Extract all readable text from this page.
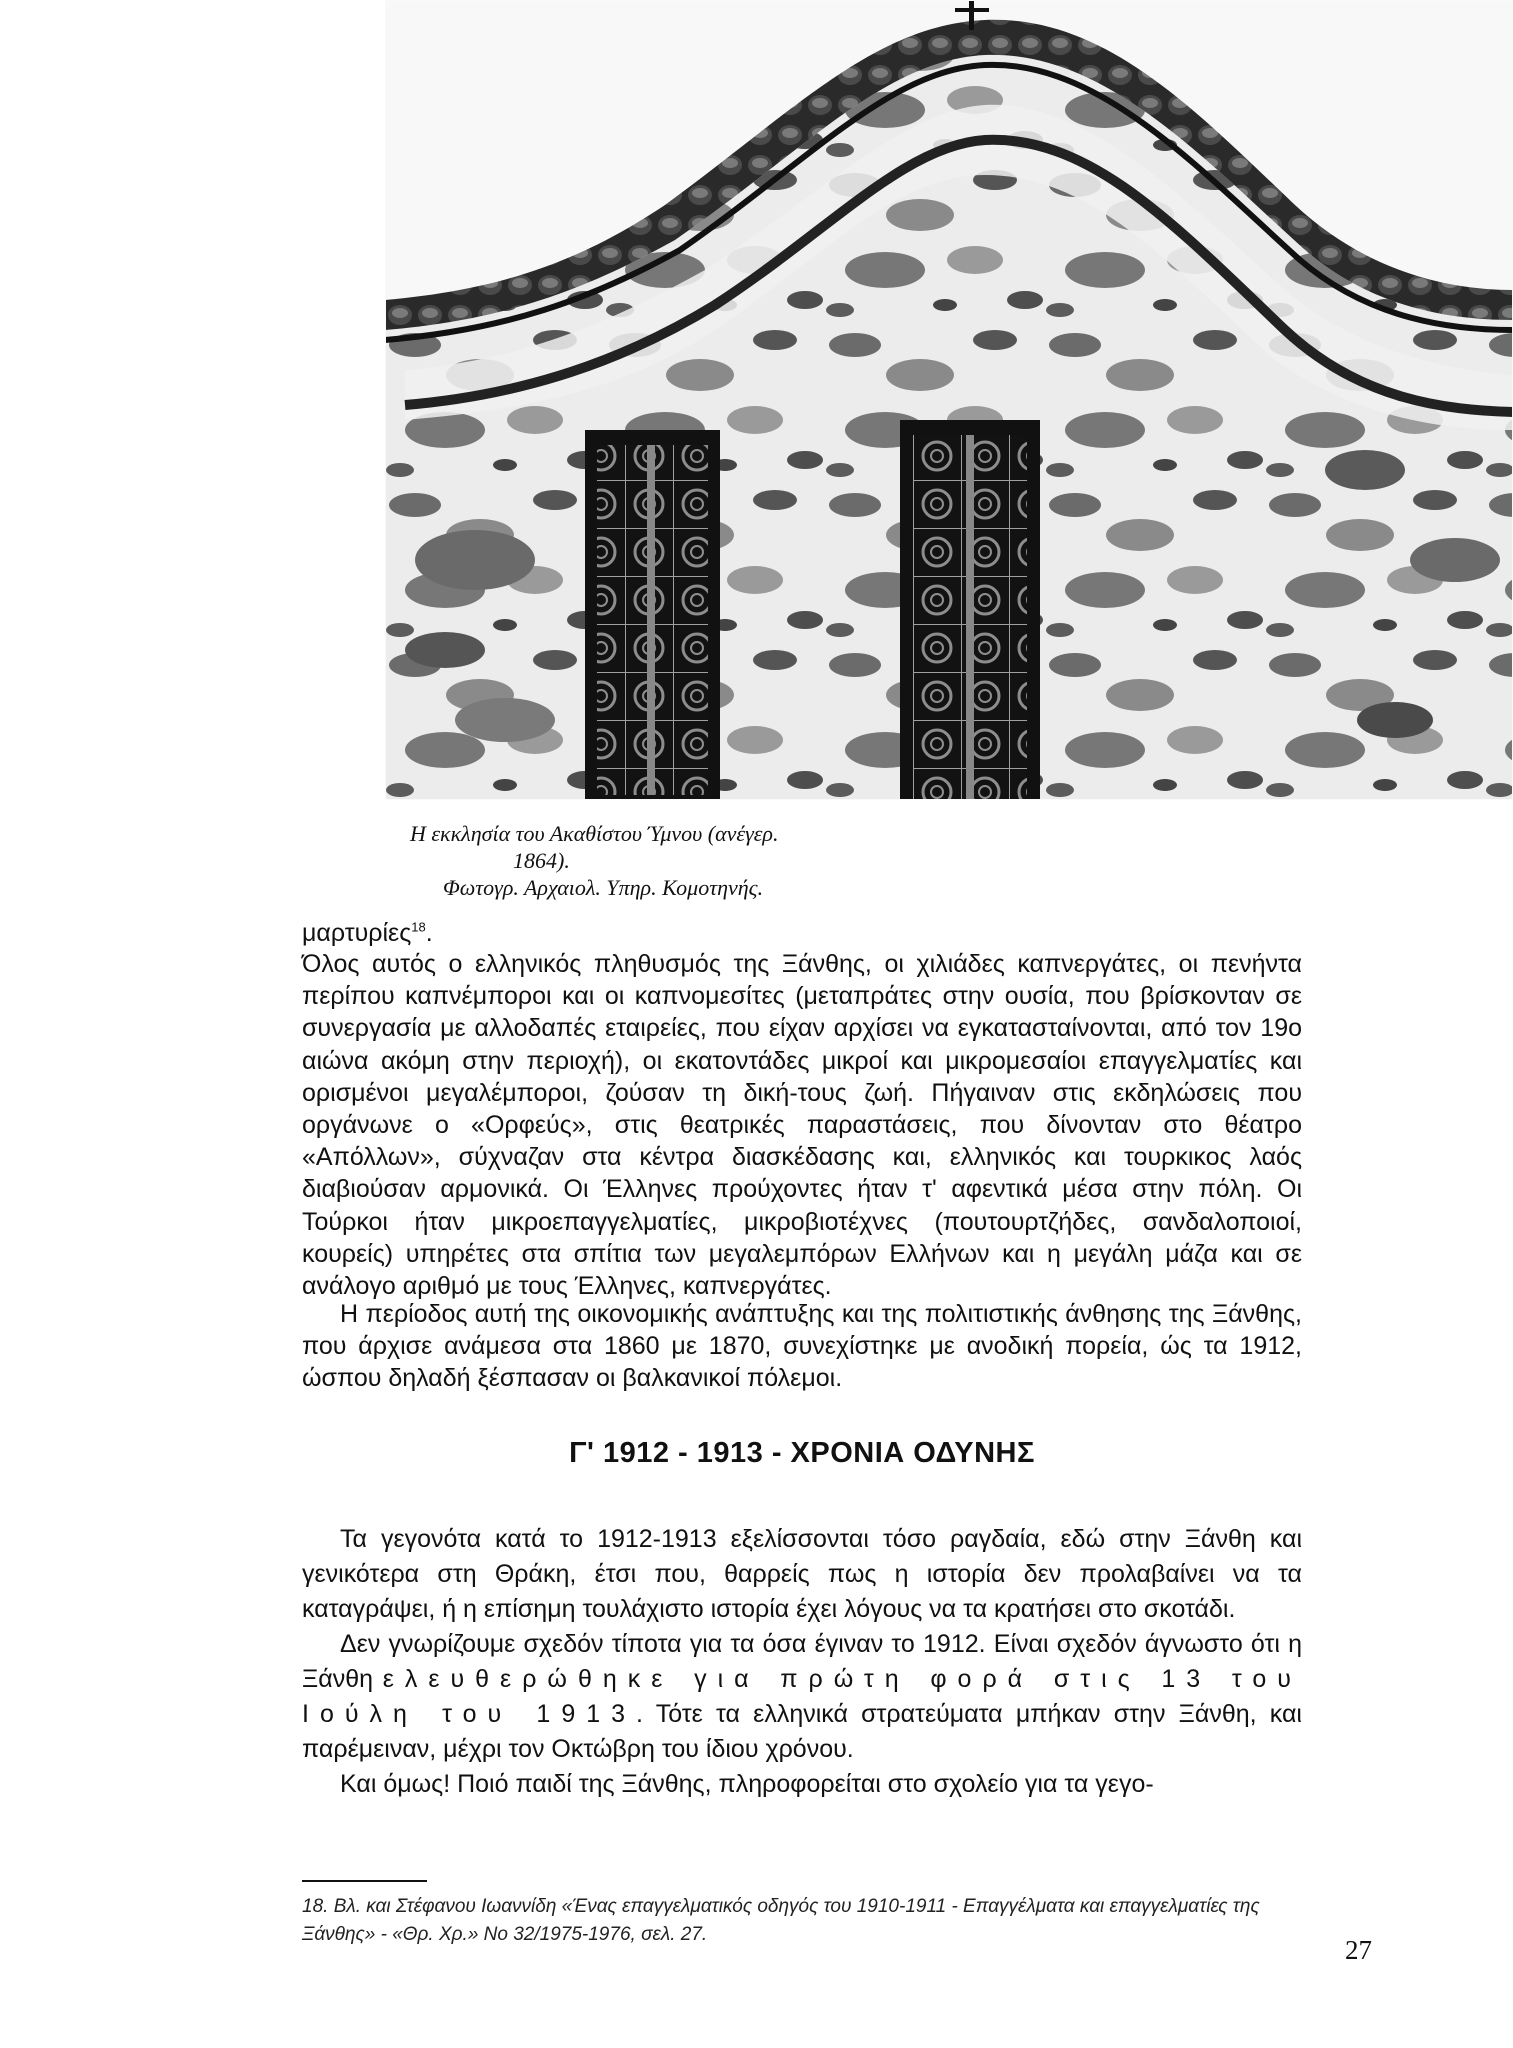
Η εκκλησία του Ακαθίστου Ύμνου (ανέγερ.
1864).
Φωτογρ. Αρχαιολ. Υπηρ. Κομοτηνής.

μαρτυρίες$^{18}$.

Όλος αυτός ο ελληνικός πληθυσμός της Ξάνθης, οι χιλιάδες καπνεργάτες, οι πενήντα περίπου καπνέμποροι και οι καπνομεσίτες (μεταπράτες στην ουσία, που βρίσκονταν σε συνεργασία με αλλοδαπές εταιρείες, που είχαν αρχίσει να εγκατασταίνονται, από τον 19ο αιώνα ακόμη στην περιοχή), οι εκατοντάδες μικροί και μικρομεσαίοι επαγγελματίες και ορισμένοι μεγαλέμποροι, ζούσαν τη δική-τους ζωή. Πήγαιναν στις εκδηλώσεις που οργάνωνε ο «Ορφεύς», στις θεατρικές παραστάσεις, που δίνονταν στο θέατρο «Απόλλων», σύχναζαν στα κέντρα διασκέδασης και, ελληνικός και τουρκικος λαός διαβιούσαν αρμονικά. Οι Έλληνες προύχοντες ήταν τ' αφεντικά μέσα στην πόλη. Οι Τούρκοι ήταν μικροεπαγγελματίες, μικροβιοτέχνες (πουτουρτζήδες, σανδαλοποιοί, κουρείς) υπηρέτες στα σπίτια των μεγαλεμπόρων Ελλήνων και η μεγάλη μάζα και σε ανάλογο αριθμό με τους Έλληνες, καπνεργάτες.

Η περίοδος αυτή της οικονομικής ανάπτυξης και της πολιτιστικής άνθησης της Ξάνθης, που άρχισε ανάμεσα στα 1860 με 1870, συνεχίστηκε με ανοδική πορεία, ώς τα 1912, ώσπου δηλαδή ξέσπασαν οι βαλκανικοί πόλεμοι.

Γ' 1912 - 1913 - ΧΡΟΝΙΑ ΟΔΥΝΗΣ

Τα γεγονότα κατά το 1912-1913 εξελίσσονται τόσο ραγδαία, εδώ στην Ξάνθη και γενικότερα στη Θράκη, έτσι που, θαρρείς πως η ιστορία δεν προλαβαίνει να τα καταγράψει, ή η επίσημη τουλάχιστο ιστορία έχει λόγους να τα κρατήσει στο σκοτάδι.

Δεν γνωρίζουμε σχεδόν τίποτα για τα όσα έγιναν το 1912. Είναι σχεδόν άγνωστο ότι η Ξάνθη ελευθερώθηκε για πρώτη φορά στις 13 του Ιούλη του 1913. Τότε τα ελληνικά στρατεύματα μπήκαν στην Ξάνθη, και παρέμειναν, μέχρι τον Οκτώβρη του ίδιου χρόνου.

Και όμως! Ποιό παιδί της Ξάνθης, πληροφορείται στο σχολείο για τα γεγο-

18. Βλ. και Στέφανου Ιωαννίδη «Ένας επαγγελματικός οδηγός του 1910-1911 - Επαγγέλματα και επαγγελματίες της Ξάνθης» - «Θρ. Χρ.» Νο 32/1975-1976, σελ. 27.
27
